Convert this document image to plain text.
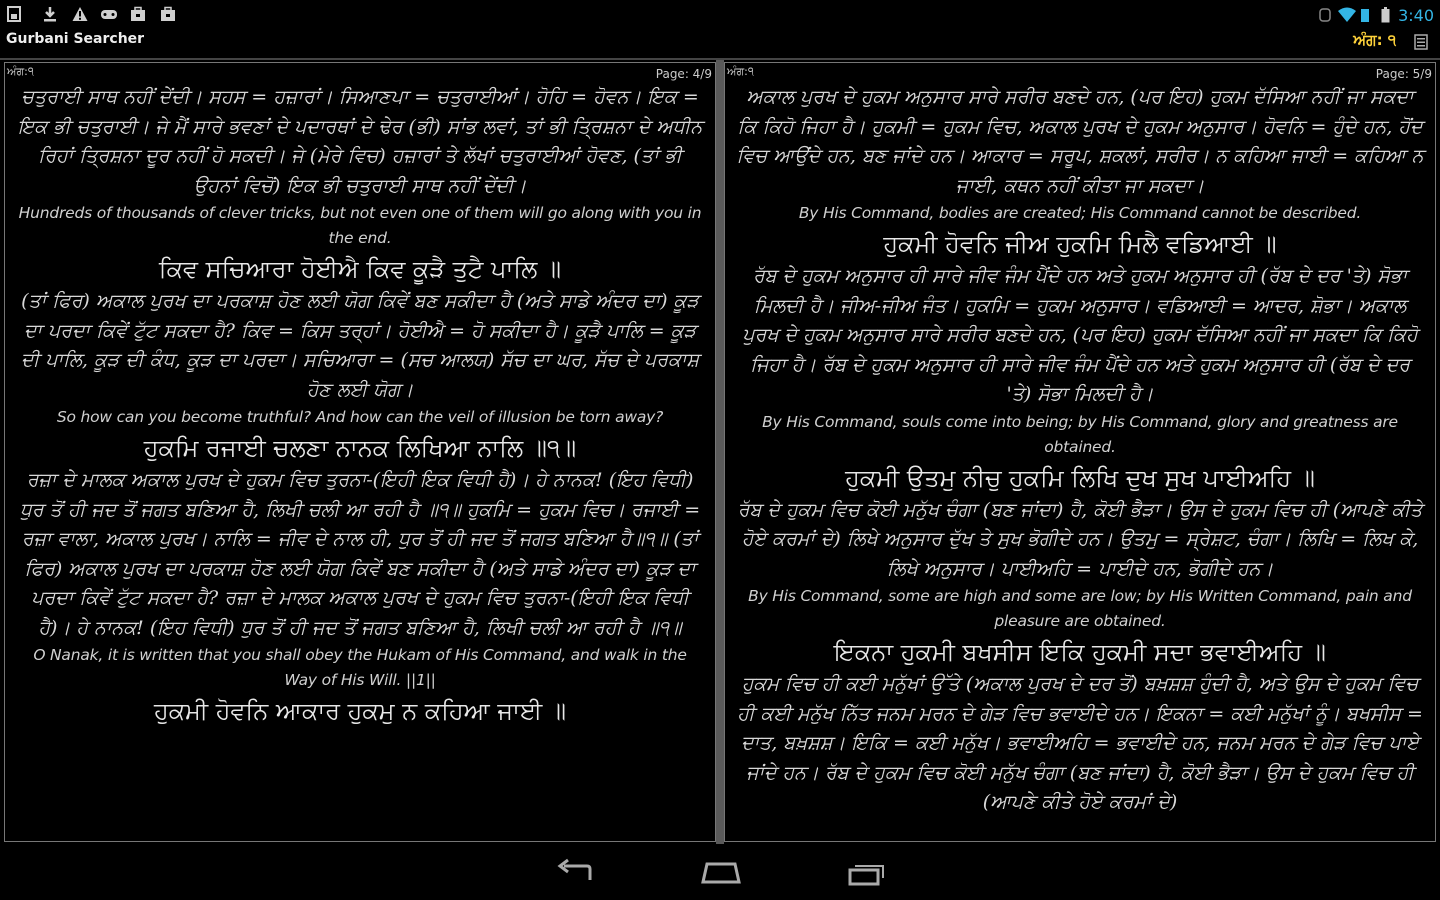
3:40
Gurbani Searcher	ਅੰਗ: ੧
ਅੰਗ:੧	Page: 4/9
ਚਤੁਰਾਈ ਸਾਥ ਨਹੀਂ ਦੇਂਦੀ। ਸਹਸ = ਹਜ਼ਾਰਾਂ। ਸਿਆਣਪਾ = ਚਤੁਰਾਈਆਂ। ਹੋਹਿ = ਹੋਵਨ। ਇਕ = ਇਕ ਭੀ ਚਤੁਰਾਈ। ਜੇ ਮੈਂ ਸਾਰੇ ਭਵਣਾਂ ਦੇ ਪਦਾਰਥਾਂ ਦੇ ਢੇਰ (ਭੀ) ਸਾਂਭ ਲਵਾਂ, ਤਾਂ ਭੀ ਤ੍ਰਿਸ਼ਨਾ ਦੇ ਅਧੀਨ ਰਿਹਾਂ ਤ੍ਰਿਸ਼ਨਾ ਦੂਰ ਨਹੀਂ ਹੋ ਸਕਦੀ। ਜੇ (ਮੇਰੇ ਵਿਚ) ਹਜ਼ਾਰਾਂ ਤੇ ਲੱਖਾਂ ਚਤੁਰਾਈਆਂ ਹੋਵਣ, (ਤਾਂ ਭੀ ਉਹਨਾਂ ਵਿਚੋਂ) ਇਕ ਭੀ ਚਤੁਰਾਈ ਸਾਥ ਨਹੀਂ ਦੇਂਦੀ।
Hundreds of thousands of clever tricks, but not even one of them will go along with you in the end.
ਕਿਵ ਸਚਿਆਰਾ ਹੋਈਐ ਕਿਵ ਕੂੜੈ ਤੁਟੈ ਪਾਲਿ ॥
(ਤਾਂ ਫਿਰ) ਅਕਾਲ ਪੁਰਖ ਦਾ ਪਰਕਾਸ਼ ਹੋਣ ਲਈ ਯੋਗ ਕਿਵੇਂ ਬਣ ਸਕੀਦਾ ਹੈ (ਅਤੇ ਸਾਡੇ ਅੰਦਰ ਦਾ) ਕੂੜ ਦਾ ਪਰਦਾ ਕਿਵੇਂ ਟੁੱਟ ਸਕਦਾ ਹੈ? ਕਿਵ = ਕਿਸ ਤਰ੍ਹਾਂ। ਹੋਈਐ = ਹੋ ਸਕੀਦਾ ਹੈ। ਕੂੜੈ ਪਾਲਿ = ਕੂੜ ਦੀ ਪਾਲਿ, ਕੂੜ ਦੀ ਕੰਧ, ਕੂੜ ਦਾ ਪਰਦਾ। ਸਚਿਆਰਾ = (ਸਚ ਆਲਯ) ਸੱਚ ਦਾ ਘਰ, ਸੱਚ ਦੇ ਪਰਕਾਸ਼ ਹੋਣ ਲਈ ਯੋਗ।
So how can you become truthful? And how can the veil of illusion be torn away?
ਹੁਕਮਿ ਰਜਾਈ ਚਲਣਾ ਨਾਨਕ ਲਿਖਿਆ ਨਾਲਿ ॥੧॥
ਰਜ਼ਾ ਦੇ ਮਾਲਕ ਅਕਾਲ ਪੁਰਖ ਦੇ ਹੁਕਮ ਵਿਚ ਤੁਰਨਾ-(ਇਹੀ ਇਕ ਵਿਧੀ ਹੈ)। ਹੇ ਨਾਨਕ! (ਇਹ ਵਿਧੀ) ਧੁਰ ਤੋਂ ਹੀ ਜਦ ਤੋਂ ਜਗਤ ਬਣਿਆ ਹੈ, ਲਿਖੀ ਚਲੀ ਆ ਰਹੀ ਹੈ ॥੧॥ ਹੁਕਮਿ = ਹੁਕਮ ਵਿਚ। ਰਜਾਈ = ਰਜ਼ਾ ਵਾਲਾ, ਅਕਾਲ ਪੁਰਖ। ਨਾਲਿ = ਜੀਵ ਦੇ ਨਾਲ ਹੀ, ਧੁਰ ਤੋਂ ਹੀ ਜਦ ਤੋਂ ਜਗਤ ਬਣਿਆ ਹੈ॥੧॥ (ਤਾਂ ਫਿਰ) ਅਕਾਲ ਪੁਰਖ ਦਾ ਪਰਕਾਸ਼ ਹੋਣ ਲਈ ਯੋਗ ਕਿਵੇਂ ਬਣ ਸਕੀਦਾ ਹੈ (ਅਤੇ ਸਾਡੇ ਅੰਦਰ ਦਾ) ਕੂੜ ਦਾ ਪਰਦਾ ਕਿਵੇਂ ਟੁੱਟ ਸਕਦਾ ਹੈ? ਰਜ਼ਾ ਦੇ ਮਾਲਕ ਅਕਾਲ ਪੁਰਖ ਦੇ ਹੁਕਮ ਵਿਚ ਤੁਰਨਾ-(ਇਹੀ ਇਕ ਵਿਧੀ ਹੈ)। ਹੇ ਨਾਨਕ! (ਇਹ ਵਿਧੀ) ਧੁਰ ਤੋਂ ਹੀ ਜਦ ਤੋਂ ਜਗਤ ਬਣਿਆ ਹੈ, ਲਿਖੀ ਚਲੀ ਆ ਰਹੀ ਹੈ ॥੧॥
O Nanak, it is written that you shall obey the Hukam of His Command, and walk in the Way of His Will. ||1||
ਹੁਕਮੀ ਹੋਵਨਿ ਆਕਾਰ ਹੁਕਮੁ ਨ ਕਹਿਆ ਜਾਈ ॥
ਅੰਗ:੧	Page: 5/9
ਅਕਾਲ ਪੁਰਖ ਦੇ ਹੁਕਮ ਅਨੁਸਾਰ ਸਾਰੇ ਸਰੀਰ ਬਣਦੇ ਹਨ, (ਪਰ ਇਹ) ਹੁਕਮ ਦੱਸਿਆ ਨਹੀਂ ਜਾ ਸਕਦਾ ਕਿ ਕਿਹੋ ਜਿਹਾ ਹੈ। ਹੁਕਮੀ = ਹੁਕਮ ਵਿਚ, ਅਕਾਲ ਪੁਰਖ ਦੇ ਹੁਕਮ ਅਨੁਸਾਰ। ਹੋਵਨਿ = ਹੁੰਦੇ ਹਨ, ਹੋਂਦ ਵਿਚ ਆਉਂਦੇ ਹਨ, ਬਣ ਜਾਂਦੇ ਹਨ। ਆਕਾਰ = ਸਰੂਪ, ਸ਼ਕਲਾਂ, ਸਰੀਰ। ਨ ਕਹਿਆ ਜਾਈ = ਕਹਿਆ ਨ ਜਾਈ, ਕਥਨ ਨਹੀਂ ਕੀਤਾ ਜਾ ਸਕਦਾ।
By His Command, bodies are created; His Command cannot be described.
ਹੁਕਮੀ ਹੋਵਨਿ ਜੀਅ ਹੁਕਮਿ ਮਿਲੈ ਵਡਿਆਈ ॥
ਰੱਬ ਦੇ ਹੁਕਮ ਅਨੁਸਾਰ ਹੀ ਸਾਰੇ ਜੀਵ ਜੰਮ ਪੈਂਦੇ ਹਨ ਅਤੇ ਹੁਕਮ ਅਨੁਸਾਰ ਹੀ (ਰੱਬ ਦੇ ਦਰ 'ਤੇ) ਸੋਭਾ ਮਿਲਦੀ ਹੈ। ਜੀਅ-ਜੀਅ ਜੰਤ। ਹੁਕਮਿ = ਹੁਕਮ ਅਨੁਸਾਰ। ਵਡਿਆਈ = ਆਦਰ, ਸ਼ੋਭਾ। ਅਕਾਲ ਪੁਰਖ ਦੇ ਹੁਕਮ ਅਨੁਸਾਰ ਸਾਰੇ ਸਰੀਰ ਬਣਦੇ ਹਨ, (ਪਰ ਇਹ) ਹੁਕਮ ਦੱਸਿਆ ਨਹੀਂ ਜਾ ਸਕਦਾ ਕਿ ਕਿਹੋ ਜਿਹਾ ਹੈ। ਰੱਬ ਦੇ ਹੁਕਮ ਅਨੁਸਾਰ ਹੀ ਸਾਰੇ ਜੀਵ ਜੰਮ ਪੈਂਦੇ ਹਨ ਅਤੇ ਹੁਕਮ ਅਨੁਸਾਰ ਹੀ (ਰੱਬ ਦੇ ਦਰ 'ਤੇ) ਸੋਭਾ ਮਿਲਦੀ ਹੈ।
By His Command, souls come into being; by His Command, glory and greatness are obtained.
ਹੁਕਮੀ ਉਤਮੁ ਨੀਚੁ ਹੁਕਮਿ ਲਿਖਿ ਦੁਖ ਸੁਖ ਪਾਈਅਹਿ ॥
ਰੱਬ ਦੇ ਹੁਕਮ ਵਿਚ ਕੋਈ ਮਨੁੱਖ ਚੰਗਾ (ਬਣ ਜਾਂਦਾ) ਹੈ, ਕੋਈ ਭੈੜਾ। ਉਸ ਦੇ ਹੁਕਮ ਵਿਚ ਹੀ (ਆਪਣੇ ਕੀਤੇ ਹੋਏ ਕਰਮਾਂ ਦੇ) ਲਿਖੇ ਅਨੁਸਾਰ ਦੁੱਖ ਤੇ ਸੁਖ ਭੋਗੀਦੇ ਹਨ। ਉਤਮੁ = ਸ੍ਰੇਸ਼ਟ, ਚੰਗਾ। ਲਿਖਿ = ਲਿਖ ਕੇ, ਲਿਖੇ ਅਨੁਸਾਰ। ਪਾਈਅਹਿ = ਪਾਈਦੇ ਹਨ, ਭੋਗੀਦੇ ਹਨ।
By His Command, some are high and some are low; by His Written Command, pain and pleasure are obtained.
ਇਕਨਾ ਹੁਕਮੀ ਬਖਸੀਸ ਇਕਿ ਹੁਕਮੀ ਸਦਾ ਭਵਾਈਅਹਿ ॥
ਹੁਕਮ ਵਿਚ ਹੀ ਕਈ ਮਨੁੱਖਾਂ ਉੱਤੇ (ਅਕਾਲ ਪੁਰਖ ਦੇ ਦਰ ਤੋਂ) ਬਖ਼ਸ਼ਸ਼ ਹੁੰਦੀ ਹੈ, ਅਤੇ ਉਸ ਦੇ ਹੁਕਮ ਵਿਚ ਹੀ ਕਈ ਮਨੁੱਖ ਨਿੱਤ ਜਨਮ ਮਰਨ ਦੇ ਗੇੜ ਵਿਚ ਭਵਾਈਦੇ ਹਨ। ਇਕਨਾ = ਕਈ ਮਨੁੱਖਾਂ ਨੂੰ। ਬਖਸੀਸ = ਦਾਤ, ਬਖ਼ਸ਼ਸ਼। ਇਕਿ = ਕਈ ਮਨੁੱਖ। ਭਵਾਈਅਹਿ = ਭਵਾਈਦੇ ਹਨ, ਜਨਮ ਮਰਨ ਦੇ ਗੇੜ ਵਿਚ ਪਾਏ ਜਾਂਦੇ ਹਨ। ਰੱਬ ਦੇ ਹੁਕਮ ਵਿਚ ਕੋਈ ਮਨੁੱਖ ਚੰਗਾ (ਬਣ ਜਾਂਦਾ) ਹੈ, ਕੋਈ ਭੈੜਾ। ਉਸ ਦੇ ਹੁਕਮ ਵਿਚ ਹੀ (ਆਪਣੇ ਕੀਤੇ ਹੋਏ ਕਰਮਾਂ ਦੇ)
